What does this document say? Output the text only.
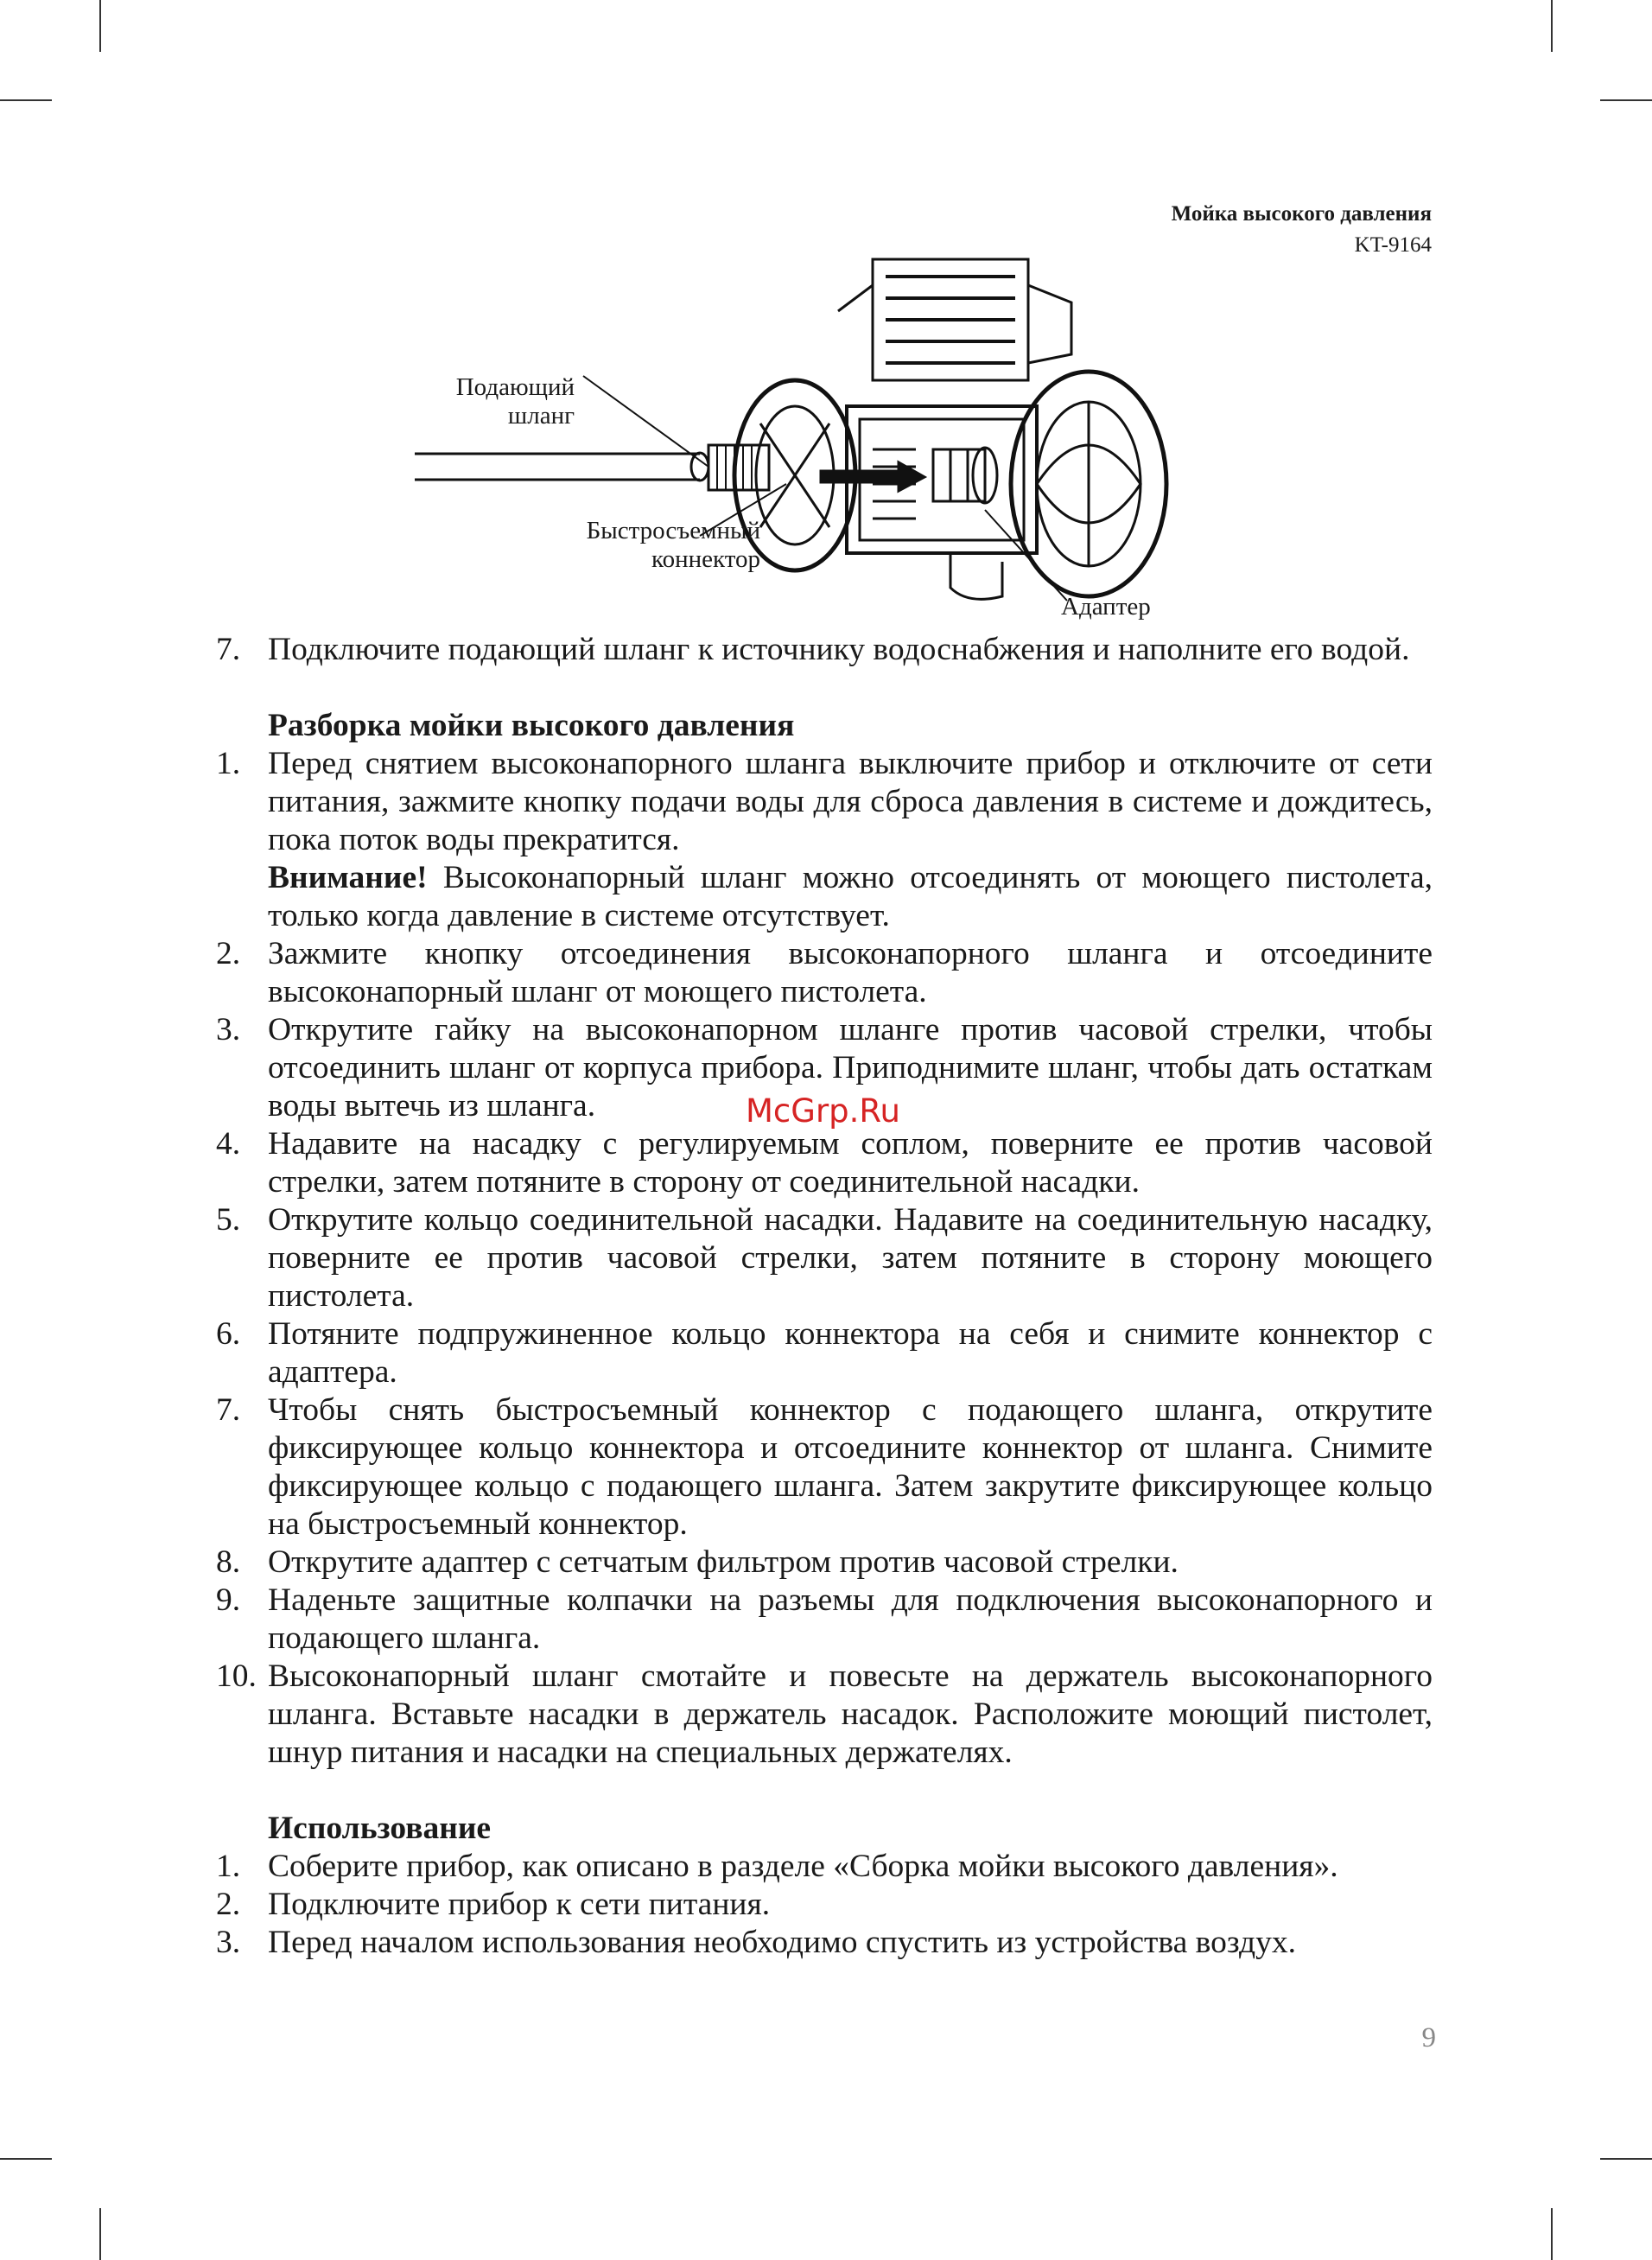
Мойка высокого давления
KT-9164
Подающий
шланг
Быстросъемный
коннектор
Адаптер
7. Подключите подающий шланг к источнику водоснабжения и наполните его водой.
Разборка мойки высокого давления
1. Перед снятием высоконапорного шланга выключите прибор и отключите от сети питания, зажмите кнопку подачи воды для сброса давления в системе и дождитесь, пока поток воды прекратится.
Внимание! Высоконапорный шланг можно отсоединять от моющего пистолета, только когда давление в системе отсутствует.
2. Зажмите кнопку отсоединения высоконапорного шланга и отсоедините высоконапорный шланг от моющего пистолета.
3. Открутите гайку на высоконапорном шланге против часовой стрелки, чтобы отсоединить шланг от корпуса прибора. Приподнимите шланг, чтобы дать остаткам воды вытечь из шланга.
4. Надавите на насадку с регулируемым соплом, поверните ее против часовой стрелки, затем потяните в сторону от соединительной насадки.
5. Открутите кольцо соединительной насадки. Надавите на соединительную насадку, поверните ее против часовой стрелки, затем потяните в сторону моющего пистолета.
6. Потяните подпружиненное кольцо коннектора на себя и снимите коннектор с адаптера.
7. Чтобы снять быстросъемный коннектор с подающего шланга, открутите фиксирующее кольцо коннектора и отсоедините коннектор от шланга. Снимите фиксирующее кольцо с подающего шланга. Затем закрутите фиксирующее кольцо на быстросъемный коннектор.
8. Открутите адаптер с сетчатым фильтром против часовой стрелки.
9. Наденьте защитные колпачки на разъемы для подключения высоконапорного и подающего шланга.
10. Высоконапорный шланг смотайте и повесьте на держатель высоконапорного шланга. Вставьте насадки в держатель насадок. Расположите моющий пистолет, шнур питания и насадки на специальных держателях.
Использование
1. Соберите прибор, как описано в разделе «Сборка мойки высокого давления».
2. Подключите прибор к сети питания.
3. Перед началом использования необходимо спустить из устройства воздух.
McGrp.Ru
9
